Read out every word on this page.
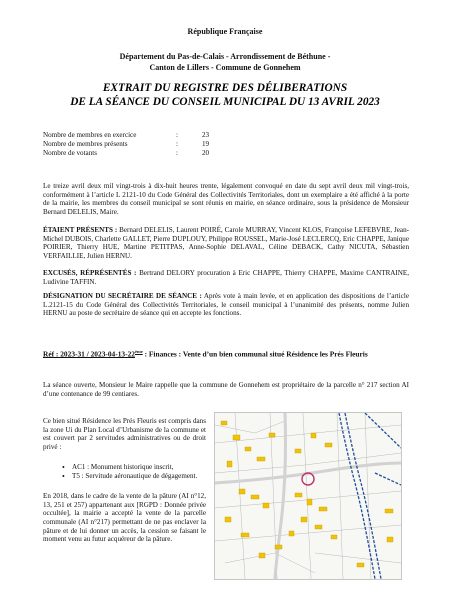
République Française
Département du Pas-de-Calais - Arrondissement de Béthune -
Canton de Lillers - Commune de Gonnehem
EXTRAIT DU REGISTRE DES DÉLIBERATIONS
DE LA SÉANCE DU CONSEIL MUNICIPAL DU 13 AVRIL 2023
Nombre de membres en exercice	:	23
Nombre de membres présents	:	19
Nombre de votants	:	20
Le treize avril deux mil vingt-trois à dix-huit heures trente, légalement convoqué en date du sept avril deux mil vingt-trois, conformément à l’article L 2121-10 du Code Général des Collectivités Territoriales, dont un exemplaire a été affiché à la porte de la mairie, les membres du conseil municipal se sont réunis en mairie, en séance ordinaire, sous la présidence de Monsieur Bernard DELELIS, Maire.
ÉTAIENT PRÉSENTS : Bernard DELELIS, Laurent POIRÉ, Carole MURRAY, Vincent KLOS, Françoise LEFEBVRE, Jean-Michel DUBOIS, Charlette GALLET, Pierre DUPLOUY, Philippe ROUSSEL, Marie-José LECLERCQ, Eric CHAPPE, Janique POIRIER, Thierry HUE, Martine PETITPAS, Anne-Sophie DELAVAL, Céline DEBACK, Cathy NICUTA, Sébastien VERFAILLIE, Julien HERNU.
EXCUSÉS, RÉPRÉSENTÉS : Bertrand DELORY procuration à Eric CHAPPE, Thierry CHAPPE, Maxime CANTRAINE, Ludivine TAFFIN.
DÉSIGNATION DU SECRÉTAIRE DE SÉANCE : Après vote à main levée, et en application des dispositions de l’article L.2121-15 du Code Général des Collectivités Territoriales, le conseil municipal à l’unanimité des présents, nomme Julien HERNU au poste de secrétaire de séance qui en accepte les fonctions.
Réf : 2023-31 / 2023-04-13-22ème : Finances : Vente d’un bien communal situé Résidence les Prés Fleuris
La séance ouverte, Monsieur le Maire rappelle que la commune de Gonnehem est propriétaire de la parcelle n° 217 section AI d’une contenance de 99 centiares.
Ce bien situé Résidence les Prés Fleuris est compris dans la zone Ui du Plan Local d’Urbanisme de la commune et est couvert par 2 servitudes administratives ou de droit privé :
• AC1 : Monument historique inscrit,
• T5 : Servitude aéronautique de dégagement.
En 2018, dans le cadre de la vente de la pâture (AI n°12, 13, 251 et 257) appartenant aux [RGPD : Donnée privée occultée], la mairie a accepté la vente de la parcelle communale (AI n°217) permettant de ne pas enclaver la pâture et de lui donner un accès, la cession se faisant le moment venu au futur acquéreur de la pâture.
